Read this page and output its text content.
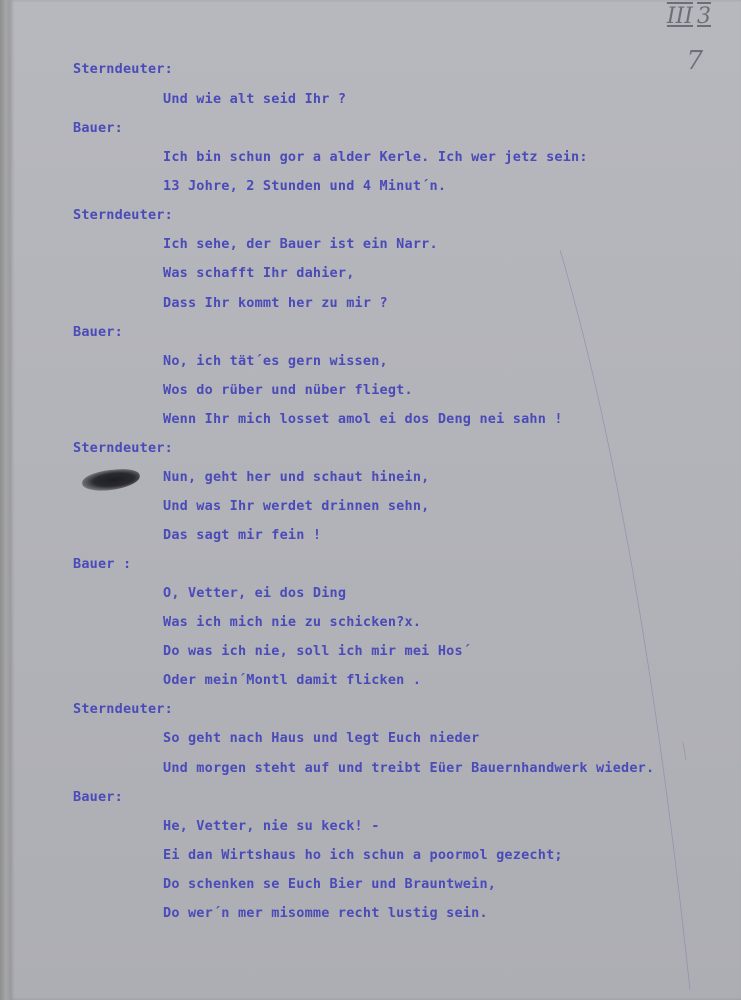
III 3
7
Sterndeuter:
Und wie alt seid Ihr ?
Bauer:
Ich bin schun gor a alder Kerle. Ich wer jetz sein:
13 Johre, 2 Stunden und 4 Minut´n.
Sterndeuter:
Ich sehe, der Bauer ist ein Narr.
Was schafft Ihr dahier,
Dass Ihr kommt her zu mir ?
Bauer:
No, ich tät´es gern wissen,
Wos do rüber und nüber fliegt.
Wenn Ihr mich losset amol ei dos Deng nei sahn !
Sterndeuter:
Nun, geht her und schaut hinein,
Und was Ihr werdet drinnen sehn,
Das sagt mir fein !
Bauer :
O, Vetter, ei dos Ding
Was ich mich nie zu schicken?x.
Do was ich nie, soll ich mir mei Hos´
Oder mein´Montl damit flicken .
Sterndeuter:
So geht nach Haus und legt Euch nieder
Und morgen steht auf und treibt Eüer Bauernhandwerk wieder.
Bauer:
He, Vetter, nie su keck! -
Ei dan Wirtshaus ho ich schun a poormol gezecht;
Do schenken se Euch Bier und Brauntwein,
Do wer´n mer misomme recht lustig sein.
